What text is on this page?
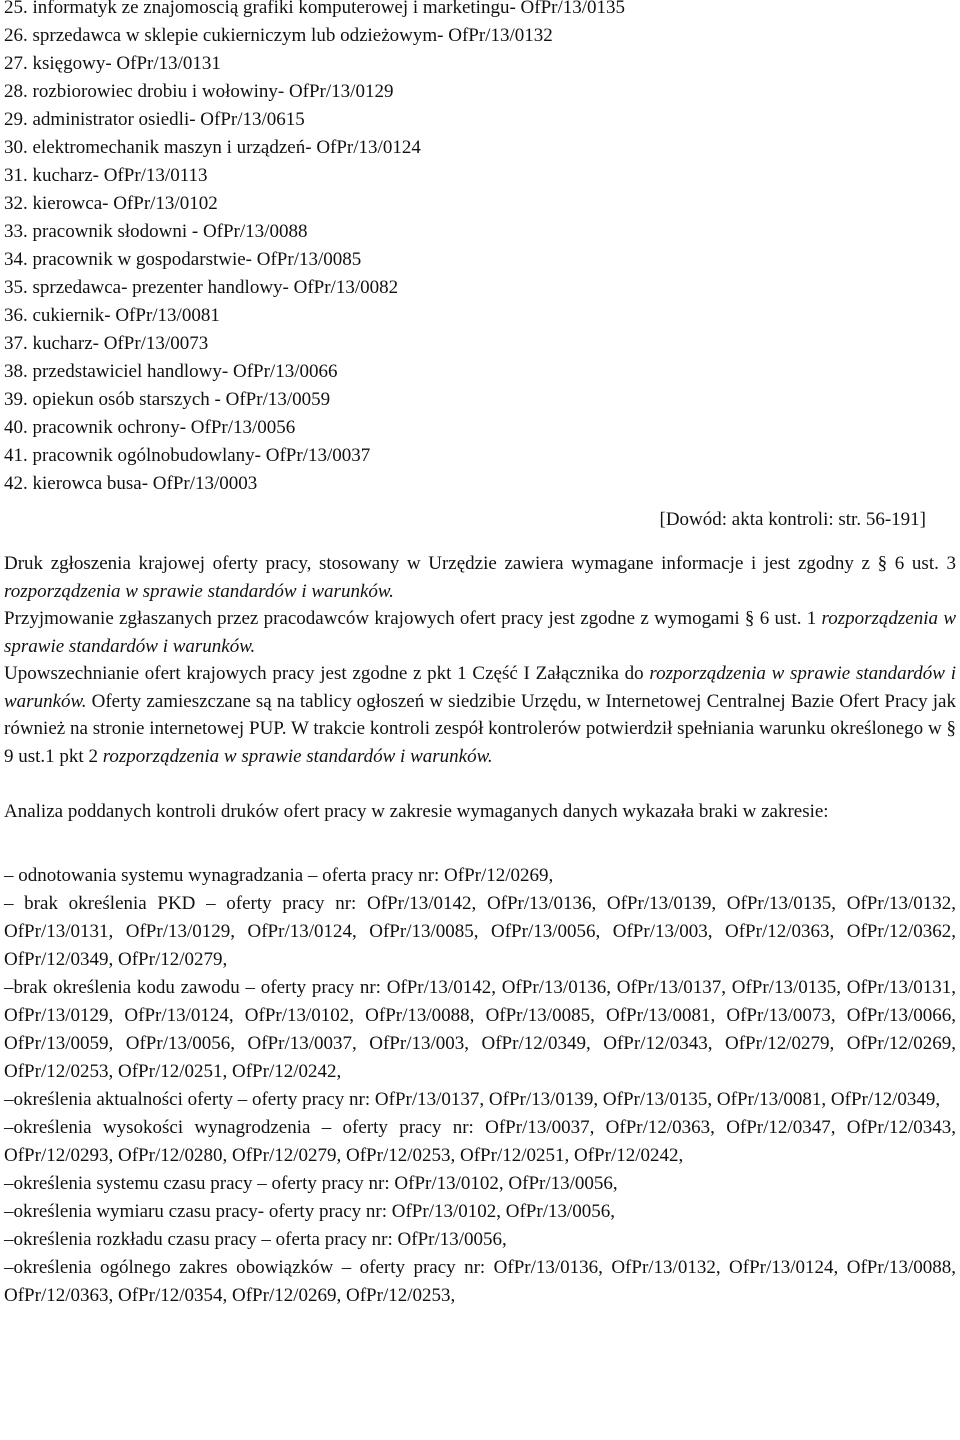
25. informatyk ze znajomoscią grafiki komputerowej i marketingu- OfPr/13/0135
26. sprzedawca w sklepie cukierniczym lub odzieżowym- OfPr/13/0132
27. księgowy- OfPr/13/0131
28. rozbiorowiec drobiu i wołowiny- OfPr/13/0129
29. administrator osiedli- OfPr/13/0615
30. elektromechanik maszyn i urządzeń- OfPr/13/0124
31. kucharz- OfPr/13/0113
32. kierowca- OfPr/13/0102
33. pracownik słodowni - OfPr/13/0088
34. pracownik w gospodarstwie- OfPr/13/0085
35. sprzedawca- prezenter handlowy- OfPr/13/0082
36. cukiernik- OfPr/13/0081
37. kucharz- OfPr/13/0073
38. przedstawiciel handlowy- OfPr/13/0066
39. opiekun osób starszych - OfPr/13/0059
40. pracownik ochrony- OfPr/13/0056
41. pracownik ogólnobudowlany- OfPr/13/0037
42. kierowca busa- OfPr/13/0003
[Dowód: akta kontroli: str. 56-191]

Druk zgłoszenia krajowej oferty pracy, stosowany w Urzędzie zawiera wymagane informacje i jest zgodny z § 6 ust. 3 rozporządzenia w sprawie standardów i warunków.
Przyjmowanie zgłaszanych przez pracodawców krajowych ofert pracy jest zgodne z wymogami § 6 ust. 1 rozporządzenia w sprawie standardów i warunków.
Upowszechnianie ofert krajowych pracy jest zgodne z pkt 1 Część I Załącznika do rozporządzenia w sprawie standardów i warunków. Oferty zamieszczane są na tablicy ogłoszeń w siedzibie Urzędu, w Internetowej Centralnej Bazie Ofert Pracy jak również na stronie internetowej PUP. W trakcie kontroli zespół kontrolerów potwierdził spełniania warunku określonego w § 9 ust.1 pkt 2 rozporządzenia w sprawie standardów i warunków.

Analiza poddanych kontroli druków ofert pracy w zakresie wymaganych danych wykazała braki w zakresie:

– odnotowania systemu wynagradzania – oferta pracy nr: OfPr/12/0269,

– brak określenia PKD – oferty pracy nr: OfPr/13/0142, OfPr/13/0136, OfPr/13/0139, OfPr/13/0135, OfPr/13/0132, OfPr/13/0131, OfPr/13/0129, OfPr/13/0124, OfPr/13/0085, OfPr/13/0056, OfPr/13/003, OfPr/12/0363, OfPr/12/0362, OfPr/12/0349, OfPr/12/0279,

–brak określenia kodu zawodu – oferty pracy nr: OfPr/13/0142, OfPr/13/0136, OfPr/13/0137, OfPr/13/0135, OfPr/13/0131, OfPr/13/0129, OfPr/13/0124, OfPr/13/0102, OfPr/13/0088, OfPr/13/0085, OfPr/13/0081, OfPr/13/0073, OfPr/13/0066, OfPr/13/0059, OfPr/13/0056, OfPr/13/0037, OfPr/13/003, OfPr/12/0349, OfPr/12/0343, OfPr/12/0279, OfPr/12/0269, OfPr/12/0253, OfPr/12/0251, OfPr/12/0242,

–określenia aktualności oferty – oferty pracy nr: OfPr/13/0137, OfPr/13/0139, OfPr/13/0135, OfPr/13/0081, OfPr/12/0349,

–określenia wysokości wynagrodzenia – oferty pracy nr: OfPr/13/0037, OfPr/12/0363, OfPr/12/0347, OfPr/12/0343, OfPr/12/0293, OfPr/12/0280, OfPr/12/0279, OfPr/12/0253, OfPr/12/0251, OfPr/12/0242,

–określenia systemu czasu pracy – oferty pracy nr: OfPr/13/0102, OfPr/13/0056,

–określenia wymiaru czasu pracy- oferty pracy nr: OfPr/13/0102, OfPr/13/0056,

–określenia rozkładu czasu pracy – oferta pracy nr: OfPr/13/0056,

–określenia ogólnego zakres obowiązków – oferty pracy nr: OfPr/13/0136, OfPr/13/0132, OfPr/13/0124, OfPr/13/0088, OfPr/12/0363, OfPr/12/0354, OfPr/12/0269, OfPr/12/0253,
